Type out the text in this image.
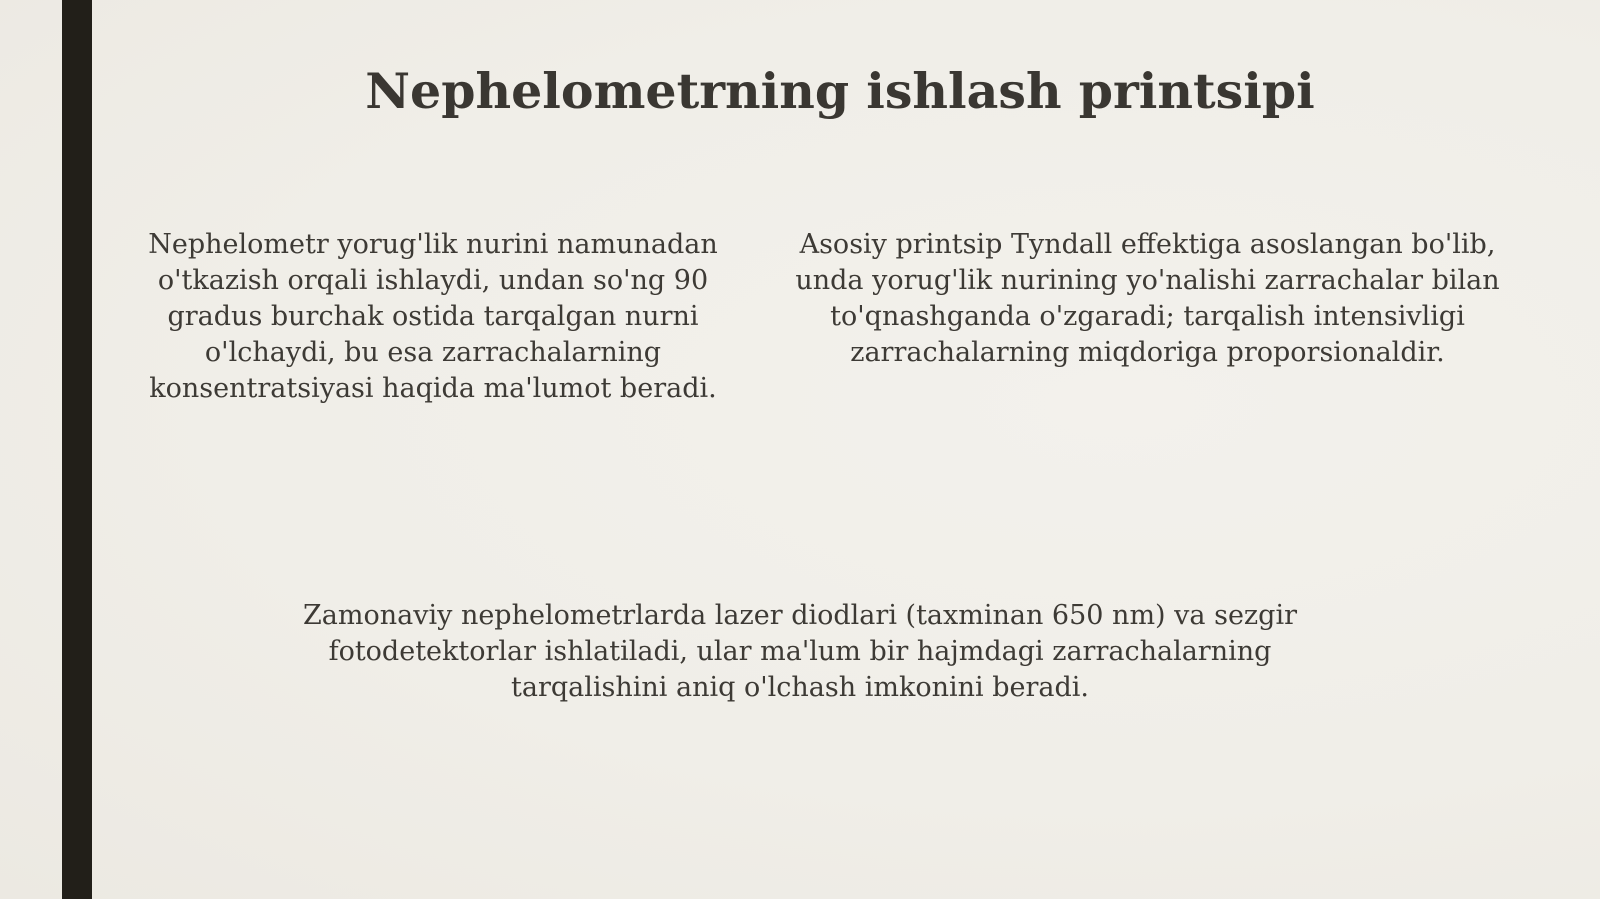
Nephelometrning ishlash printsipi

Nephelometr yorug'lik nurini namunadan o'tkazish orqali ishlaydi, undan so'ng 90 gradus burchak ostida tarqalgan nurni o'lchaydi, bu esa zarrachalarning konsentratsiyasi haqida ma'lumot beradi.

Asosiy printsip Tyndall effektiga asoslangan bo'lib, unda yorug'lik nurining yo'nalishi zarrachalar bilan to'qnashganda o'zgaradi; tarqalish intensivligi zarrachalarning miqdoriga proporsionaldir.

Zamonaviy nephelometrlarda lazer diodlari (taxminan 650 nm) va sezgir fotodetektorlar ishlatiladi, ular ma'lum bir hajmdagi zarrachalarning tarqalishini aniq o'lchash imkonini beradi.
